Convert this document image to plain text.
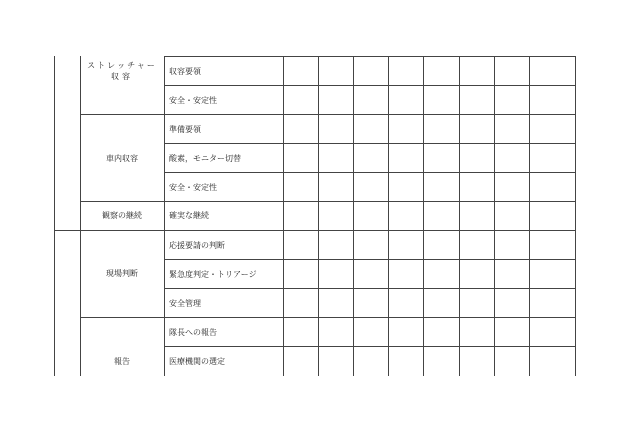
ストレッチャー
収容
車内収容
観察の継続
現場判断
報告
収容要領
安全・安定性
準備要領
酸素，モニター切替
安全・安定性
確実な継続
応援要請の判断
緊急度判定・トリアージ
安全管理
隊長への報告
医療機関の選定
